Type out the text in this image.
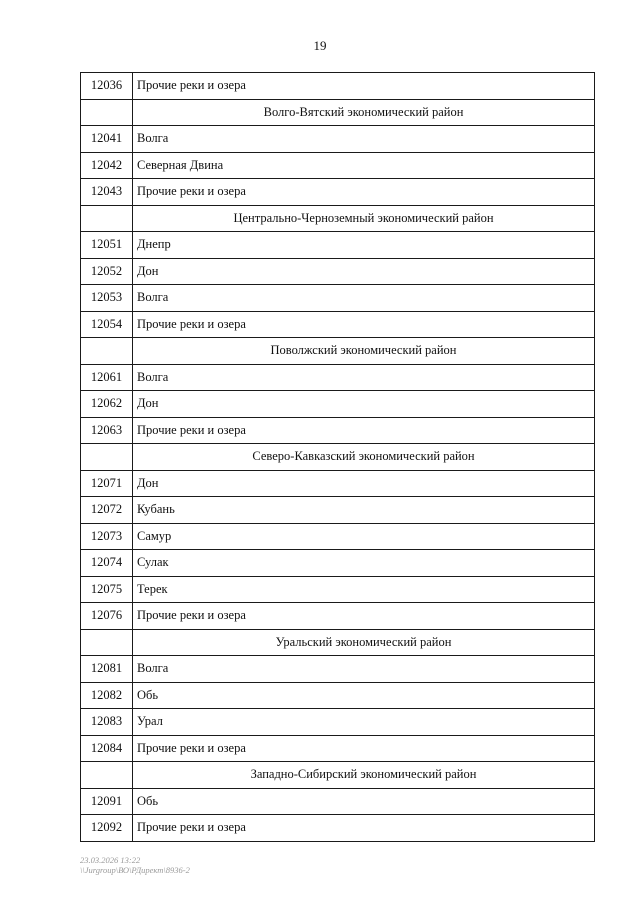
19
12036	Прочие реки и озера
	Волго-Вятский экономический район
12041	Волга
12042	Северная Двина
12043	Прочие реки и озера
	Центрально-Черноземный экономический район
12051	Днепр
12052	Дон
12053	Волга
12054	Прочие реки и озера
	Поволжский экономический район
12061	Волга
12062	Дон
12063	Прочие реки и озера
	Северо-Кавказский экономический район
12071	Дон
12072	Кубань
12073	Самур
12074	Сулак
12075	Терек
12076	Прочие реки и озера
	Уральский экономический район
12081	Волга
12082	Обь
12083	Урал
12084	Прочие реки и озера
	Западно-Сибирский экономический район
12091	Обь
12092	Прочие реки и озера
23.03.2026 13:22
\\Jurgroup\ВО\РДирект\8936-2
